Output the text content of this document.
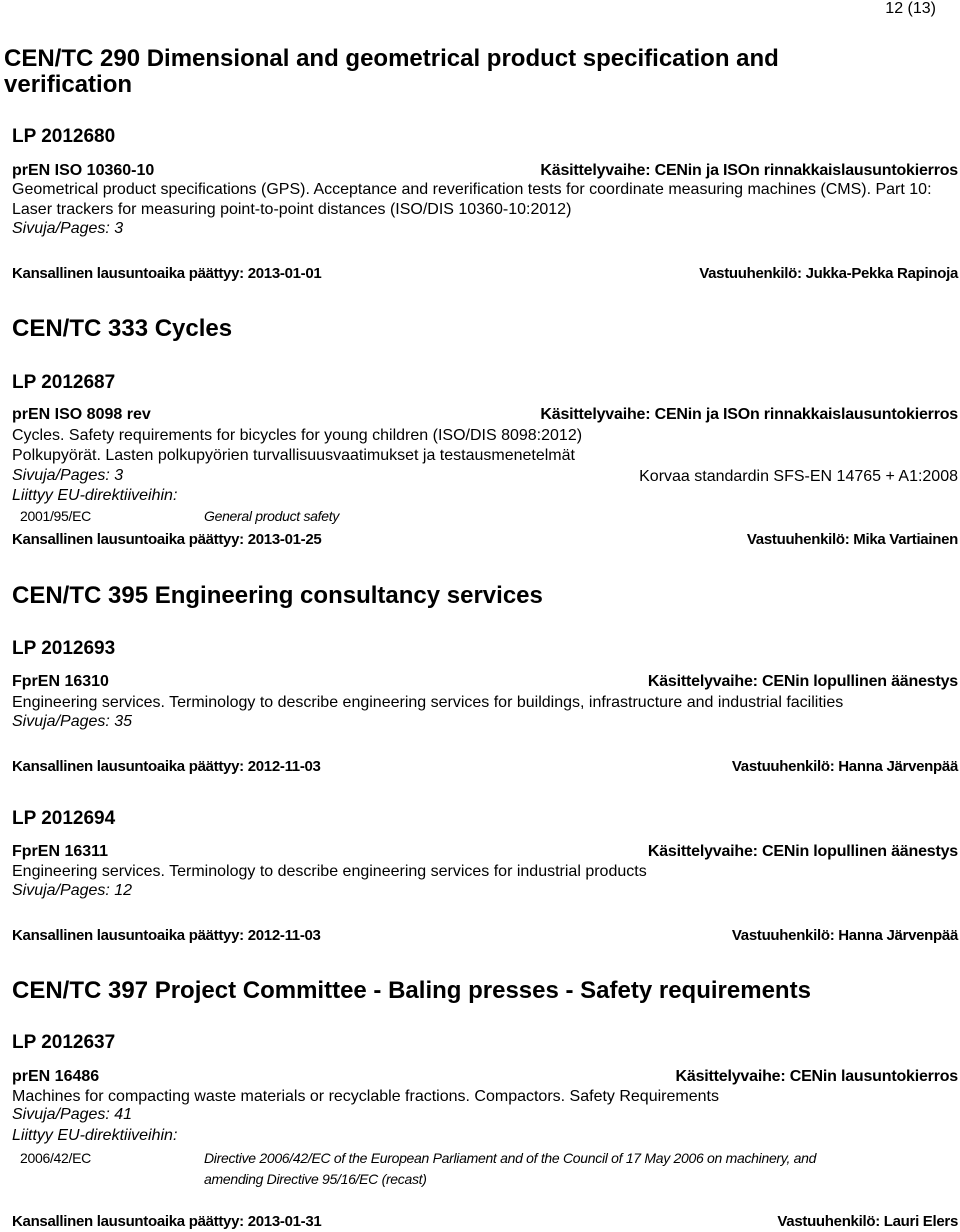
12 (13)
CEN/TC 290 Dimensional and geometrical product specification and verification
LP 2012680
prEN ISO 10360-10	Käsittelyvaihe: CENin ja ISOn rinnakkaislausuntokierros
Geometrical product specifications (GPS). Acceptance and reverification tests for coordinate measuring machines (CMS). Part 10: Laser trackers for measuring point-to-point distances (ISO/DIS 10360-10:2012)
Sivuja/Pages: 3
Kansallinen lausuntoaika päättyy: 2013-01-01	Vastuuhenkilö: Jukka-Pekka Rapinoja
CEN/TC 333 Cycles
LP 2012687
prEN ISO 8098 rev	Käsittelyvaihe: CENin ja ISOn rinnakkaislausuntokierros
Cycles. Safety requirements for bicycles for young children (ISO/DIS 8098:2012)
Polkupyörät. Lasten polkupyörien turvallisuusvaatimukset ja testausmenetelmät
Sivuja/Pages: 3	Korvaa standardin SFS-EN 14765 + A1:2008
Liittyy EU-direktiiveihin:
2001/95/EC	General product safety
Kansallinen lausuntoaika päättyy: 2013-01-25	Vastuuhenkilö: Mika Vartiainen
CEN/TC 395 Engineering consultancy services
LP 2012693
FprEN 16310	Käsittelyvaihe: CENin lopullinen äänestys
Engineering services. Terminology to describe engineering services for buildings, infrastructure and industrial facilities
Sivuja/Pages: 35
Kansallinen lausuntoaika päättyy: 2012-11-03	Vastuuhenkilö: Hanna Järvenpää
LP 2012694
FprEN 16311	Käsittelyvaihe: CENin lopullinen äänestys
Engineering services. Terminology to describe engineering services for industrial products
Sivuja/Pages: 12
Kansallinen lausuntoaika päättyy: 2012-11-03	Vastuuhenkilö: Hanna Järvenpää
CEN/TC 397 Project Committee - Baling presses - Safety requirements
LP 2012637
prEN 16486	Käsittelyvaihe: CENin lausuntokierros
Machines for compacting waste materials or recyclable fractions. Compactors. Safety Requirements
Sivuja/Pages: 41
Liittyy EU-direktiiveihin:
2006/42/EC	Directive 2006/42/EC of the European Parliament and of the Council of 17 May 2006 on machinery, and
amending Directive 95/16/EC (recast)
Kansallinen lausuntoaika päättyy: 2013-01-31	Vastuuhenkilö: Lauri Elers
